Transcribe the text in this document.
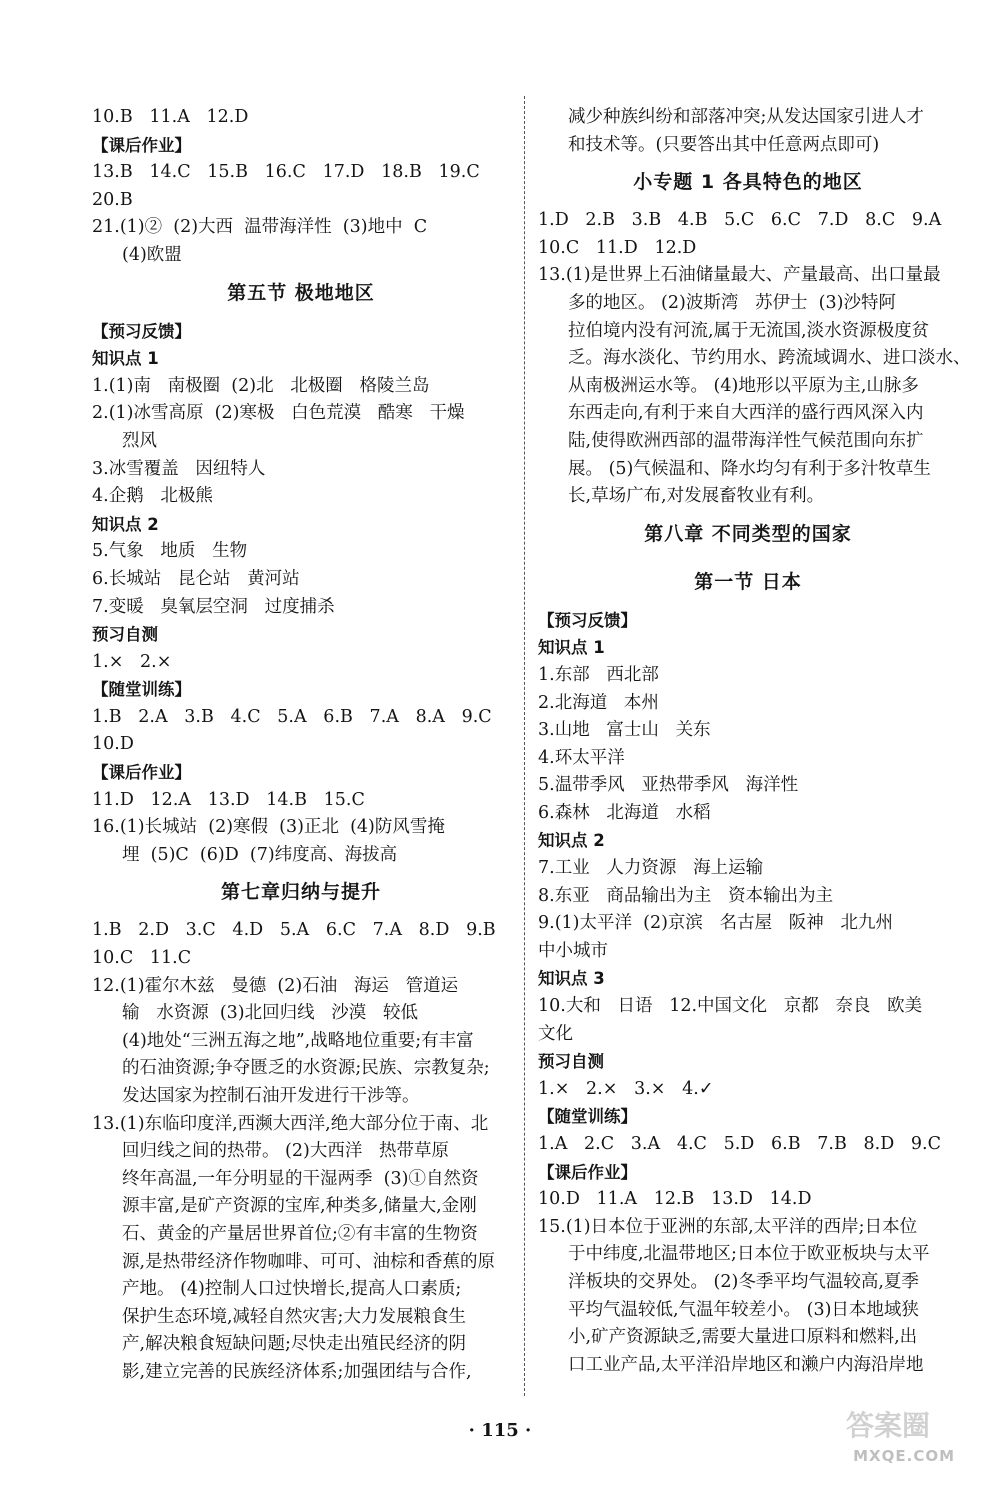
10.B   11.A   12.D
【课后作业】
13.B   14.C   15.B   16.C   17.D   18.B   19.C
20.B
21.(1)②  (2)大西  温带海洋性  (3)地中  C
(4)欧盟
第五节 极地地区
【预习反馈】
知识点 1
1.(1)南   南极圈  (2)北   北极圈   格陵兰岛
2.(1)冰雪高原  (2)寒极   白色荒漠   酷寒   干燥
烈风
3.冰雪覆盖   因纽特人
4.企鹅   北极熊
知识点 2
5.气象   地质   生物
6.长城站   昆仑站   黄河站
7.变暖   臭氧层空洞   过度捕杀
预习自测
1.×   2.×
【随堂训练】
1.B   2.A   3.B   4.C   5.A   6.B   7.A   8.A   9.C
10.D
【课后作业】
11.D   12.A   13.D   14.B   15.C
16.(1)长城站  (2)寒假  (3)正北  (4)防风雪掩
埋  (5)C  (6)D  (7)纬度高、海拔高
第七章归纳与提升
1.B   2.D   3.C   4.D   5.A   6.C   7.A   8.D   9.B
10.C   11.C
12.(1)霍尔木兹   曼德  (2)石油   海运   管道运
输   水资源  (3)北回归线   沙漠   较低
(4)地处“三洲五海之地”,战略地位重要;有丰富
的石油资源;争夺匮乏的水资源;民族、宗教复杂;
发达国家为控制石油开发进行干涉等。
13.(1)东临印度洋,西濒大西洋,绝大部分位于南、北
回归线之间的热带。 (2)大西洋   热带草原
终年高温,一年分明显的干湿两季  (3)①自然资
源丰富,是矿产资源的宝库,种类多,储量大,金刚
石、黄金的产量居世界首位;②有丰富的生物资
源,是热带经济作物咖啡、可可、油棕和香蕉的原
产地。 (4)控制人口过快增长,提高人口素质;
保护生态环境,减轻自然灾害;大力发展粮食生
产,解决粮食短缺问题;尽快走出殖民经济的阴
影,建立完善的民族经济体系;加强团结与合作,
减少种族纠纷和部落冲突;从发达国家引进人才
和技术等。(只要答出其中任意两点即可)
小专题 1 各具特色的地区
1.D   2.B   3.B   4.B   5.C   6.C   7.D   8.C   9.A
10.C   11.D   12.D
13.(1)是世界上石油储量最大、产量最高、出口量最
多的地区。 (2)波斯湾   苏伊士  (3)沙特阿
拉伯境内没有河流,属于无流国,淡水资源极度贫
乏。海水淡化、节约用水、跨流域调水、进口淡水、
从南极洲运水等。 (4)地形以平原为主,山脉多
东西走向,有利于来自大西洋的盛行西风深入内
陆,使得欧洲西部的温带海洋性气候范围向东扩
展。 (5)气候温和、降水均匀有利于多汁牧草生
长,草场广布,对发展畜牧业有利。
第八章 不同类型的国家
第一节 日本
【预习反馈】
知识点 1
1.东部   西北部
2.北海道   本州
3.山地   富士山   关东
4.环太平洋
5.温带季风   亚热带季风   海洋性
6.森林   北海道   水稻
知识点 2
7.工业   人力资源   海上运输
8.东亚   商品输出为主   资本输出为主
9.(1)太平洋  (2)京滨   名古屋   阪神   北九州
中小城市
知识点 3
10.大和   日语   12.中国文化   京都   奈良   欧美
文化
预习自测
1.×   2.×   3.×   4.✓
【随堂训练】
1.A   2.C   3.A   4.C   5.D   6.B   7.B   8.D   9.C
【课后作业】
10.D   11.A   12.B   13.D   14.D
15.(1)日本位于亚洲的东部,太平洋的西岸;日本位
于中纬度,北温带地区;日本位于欧亚板块与太平
洋板块的交界处。 (2)冬季平均气温较高,夏季
平均气温较低,气温年较差小。 (3)日本地域狭
小,矿产资源缺乏,需要大量进口原料和燃料,出
口工业产品,太平洋沿岸地区和濑户内海沿岸地
· 115 ·	答案圈
MXQE.COM
